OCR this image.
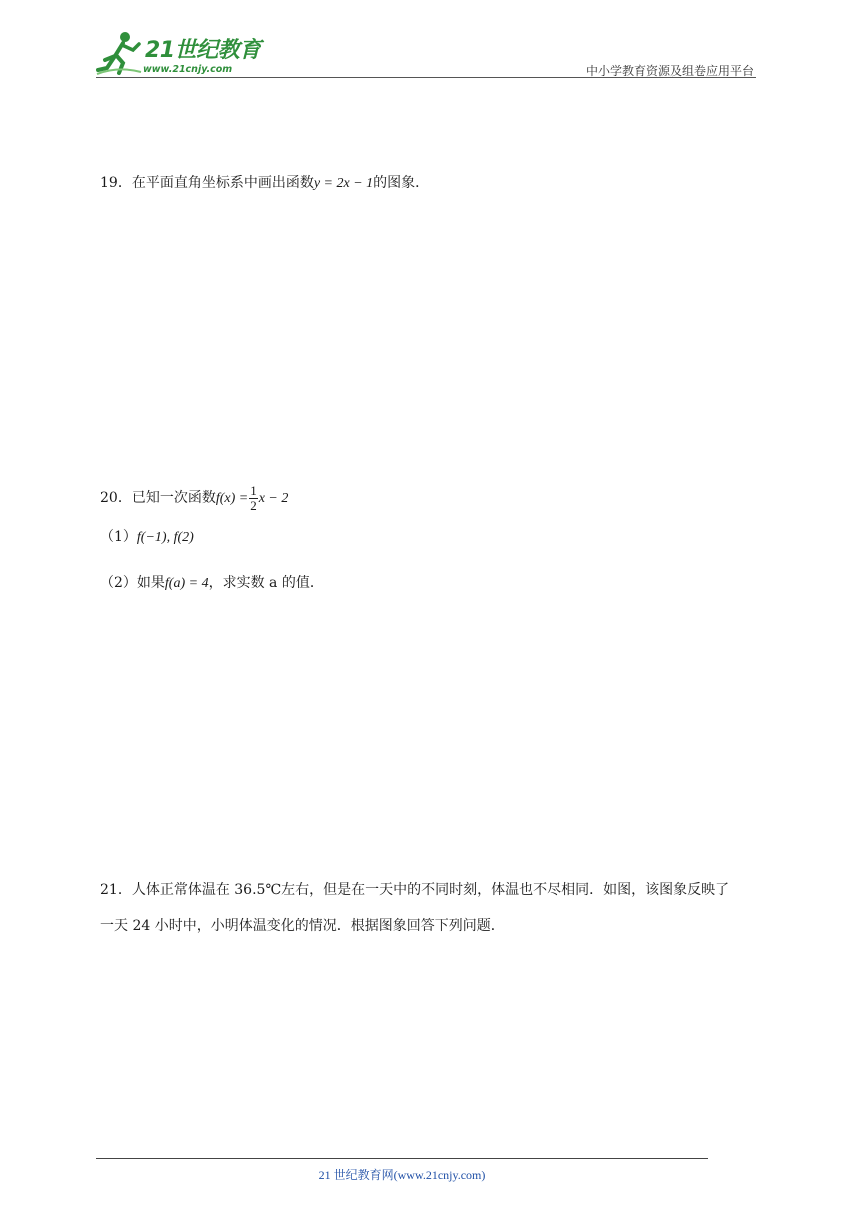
21世纪教育
www.21cnjy.com	中小学教育资源及组卷应用平台
19．在平面直角坐标系中画出函数y = 2x − 1的图象．
20．已知一次函数$f(x) = \frac{1}{2}$ x − 2
（1）f(−1), f(2)
（2）如果f(a) = 4，求实数 a 的值．
21．人体正常体温在 36.5℃左右，但是在一天中的不同时刻，体温也不尽相同．如图，该图象反映了
一天 24 小时中，小明体温变化的情况．根据图象回答下列问题．
21 世纪教育网(www.21cnjy.com)
